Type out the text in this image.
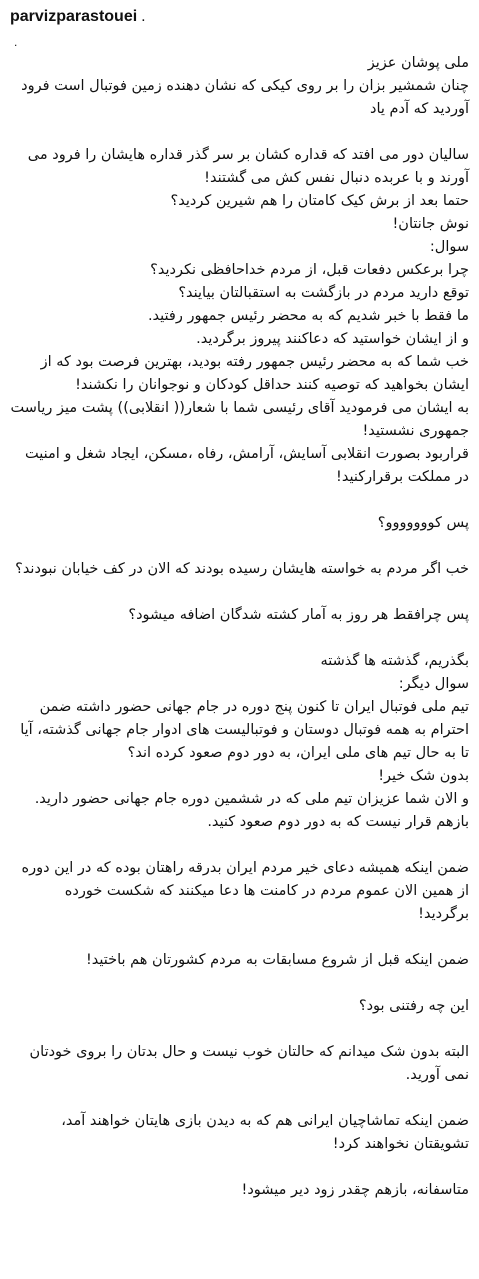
parvizparastouei .
.

ملی پوشان عزیز

چنان شمشیر بزان را بر روی کیکی که نشان دهنده زمین فوتبال است فرود آوردید که آدم یاد

سالیان دور می افتد که قداره کشان بر سر گذر قداره هایشان را فرود می آورند و با عربده دنبال نفس کش می گشتند!

حتما بعد از برش کیک کامتان را هم شیرین کردید؟

نوش جانتان!

سوال:

چرا برعکس دفعات قبل، از مردم خداحافظی نکردید؟

توقع دارید مردم در بازگشت به استقبالتان بیایند؟

ما فقط با خبر شدیم که به محضر رئیس جمهور رفتید.

و از ایشان خواستید که دعاکنند پیروز برگردید.

خب شما که به محضر رئیس جمهور رفته بودید، بهترین فرصت بود که از ایشان بخواهید که توصیه کنند حداقل کودکان و نوجوانان را نکشند!

به ایشان می فرمودید آقای رئیسی شما با شعار(( انقلابی)) پشت میز ریاست جمهوری نشستید!

قراربود بصورت انقلابی آسایش، آرامش، رفاه ،مسکن، ایجاد شغل و امنیت در مملکت برقرارکنید!

پس کووووووو؟

خب اگر مردم به خواسته هایشان رسیده بودند که الان در کف خیابان نبودند؟

پس چرافقط هر روز به آمار کشته شدگان اضافه میشود؟

بگذریم، گذشته ها گذشته

سوال دیگر:

تیم ملی فوتبال ایران تا کنون پنج دوره در جام جهانی حضور داشته ضمن احترام به همه فوتبال دوستان و فوتبالیست های ادوار جام جهانی گذشته، آیا تا به حال تیم های ملی ایران، به دور دوم صعود کرده اند؟

بدون شک خیر!

و الان شما عزیزان تیم ملی که در ششمین دوره جام جهانی حضور دارید.

بازهم قرار نیست که به دور دوم صعود کنید.

ضمن اینکه همیشه دعای خیر مردم ایران بدرقه راهتان بوده که در این دوره از همین الان عموم مردم در کامنت ها دعا میکنند که شکست خورده برگردید!

ضمن اینکه قبل از شروع مسابقات به مردم کشورتان هم باختید!

این چه رفتنی بود؟

البته بدون شک میدانم که حالتان خوب نیست و حال بدتان را بروی خودتان نمی آورید.

ضمن اینکه تماشاچیان ایرانی هم که به دیدن بازی هایتان خواهند آمد، تشویقتان نخواهند کرد!

متاسفانه، بازهم چقدر زود دیر میشود!
